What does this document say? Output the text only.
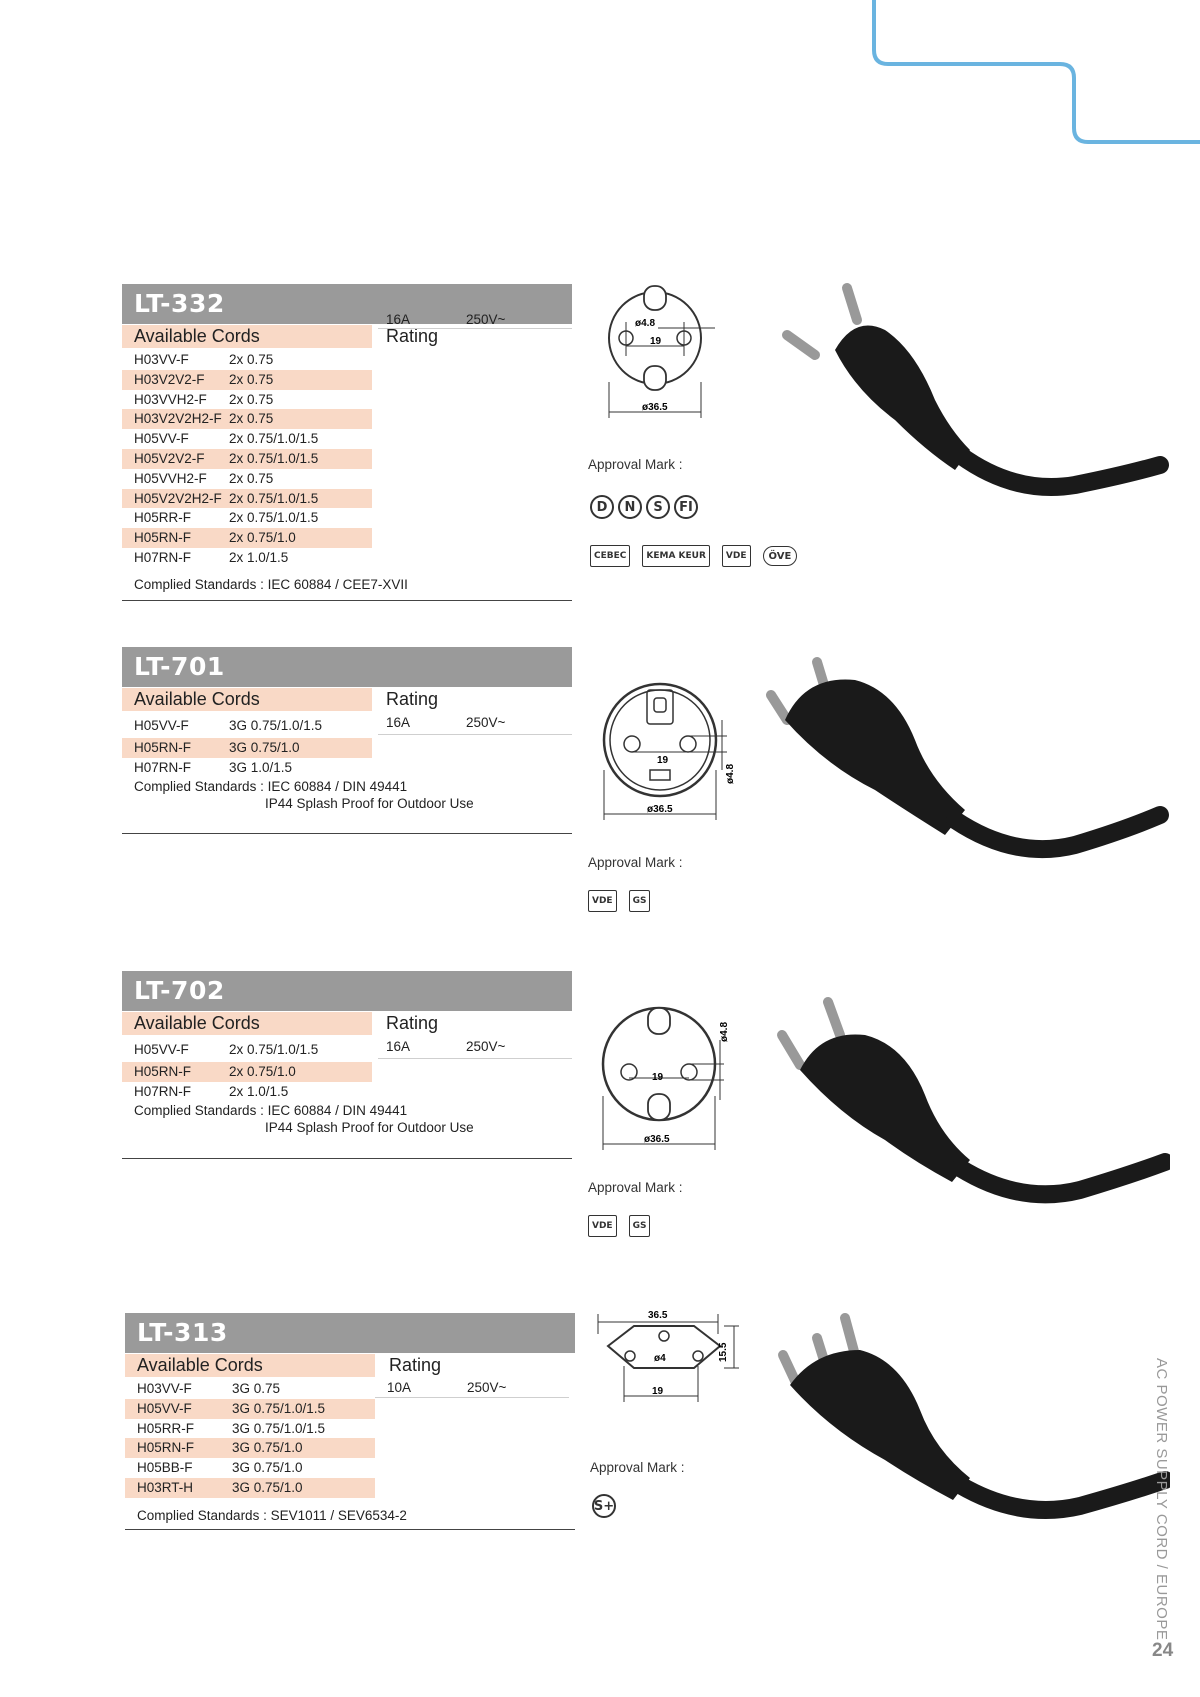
LT-332
Available Cords	Rating
16A	250V~
H03VV-F	2x 0.75
H03V2V2-F	2x 0.75
H03VVH2-F	2x 0.75
H03V2V2H2-F 2x 0.75
H05VV-F	2x 0.75/1.0/1.5
H05V2V2-F	2x 0.75/1.0/1.5
H05VVH2-F	2x 0.75
H05V2V2H2-F 2x 0.75/1.0/1.5
H05RR-F	2x 0.75/1.0/1.5
H05RN-F	2x 0.75/1.0
H07RN-F	2x 1.0/1.5
Complied Standards : IEC 60884 / CEE7-XVII
ø4.8
19
ø36.5
Approval Mark :
D	N	S	FI
CEBEC	KEMA KEUR	VDE	ÖVE
LT-701
Available Cords	Rating
16A	250V~
H05VV-F	3G 0.75/1.0/1.5
H05RN-F	3G 0.75/1.0
H07RN-F	3G 1.0/1.5
Complied Standards : IEC 60884 / DIN 49441
IP44 Splash Proof for Outdoor Use
ø4.8
19
ø36.5
Approval Mark :
VDE	GS
LT-702
Available Cords	Rating
16A	250V~
H05VV-F	2x 0.75/1.0/1.5
H05RN-F	2x 0.75/1.0
H07RN-F	2x 1.0/1.5
Complied Standards : IEC 60884 / DIN 49441
IP44 Splash Proof for Outdoor Use
ø4.8
19
ø36.5
Approval Mark :
VDE	GS
LT-313
Available Cords	Rating
10A	250V~
H03VV-F	3G 0.75
H05VV-F	3G 0.75/1.0/1.5
H05RR-F	3G 0.75/1.0/1.5
H05RN-F	3G 0.75/1.0
H05BB-F	3G 0.75/1.0
H03RT-H	3G 0.75/1.0
Complied Standards : SEV1011 / SEV6534-2
36.5
ø4
19
15.5
Approval Mark :
S+	AC POWER SUPPLY CORD / EUROPE
24
